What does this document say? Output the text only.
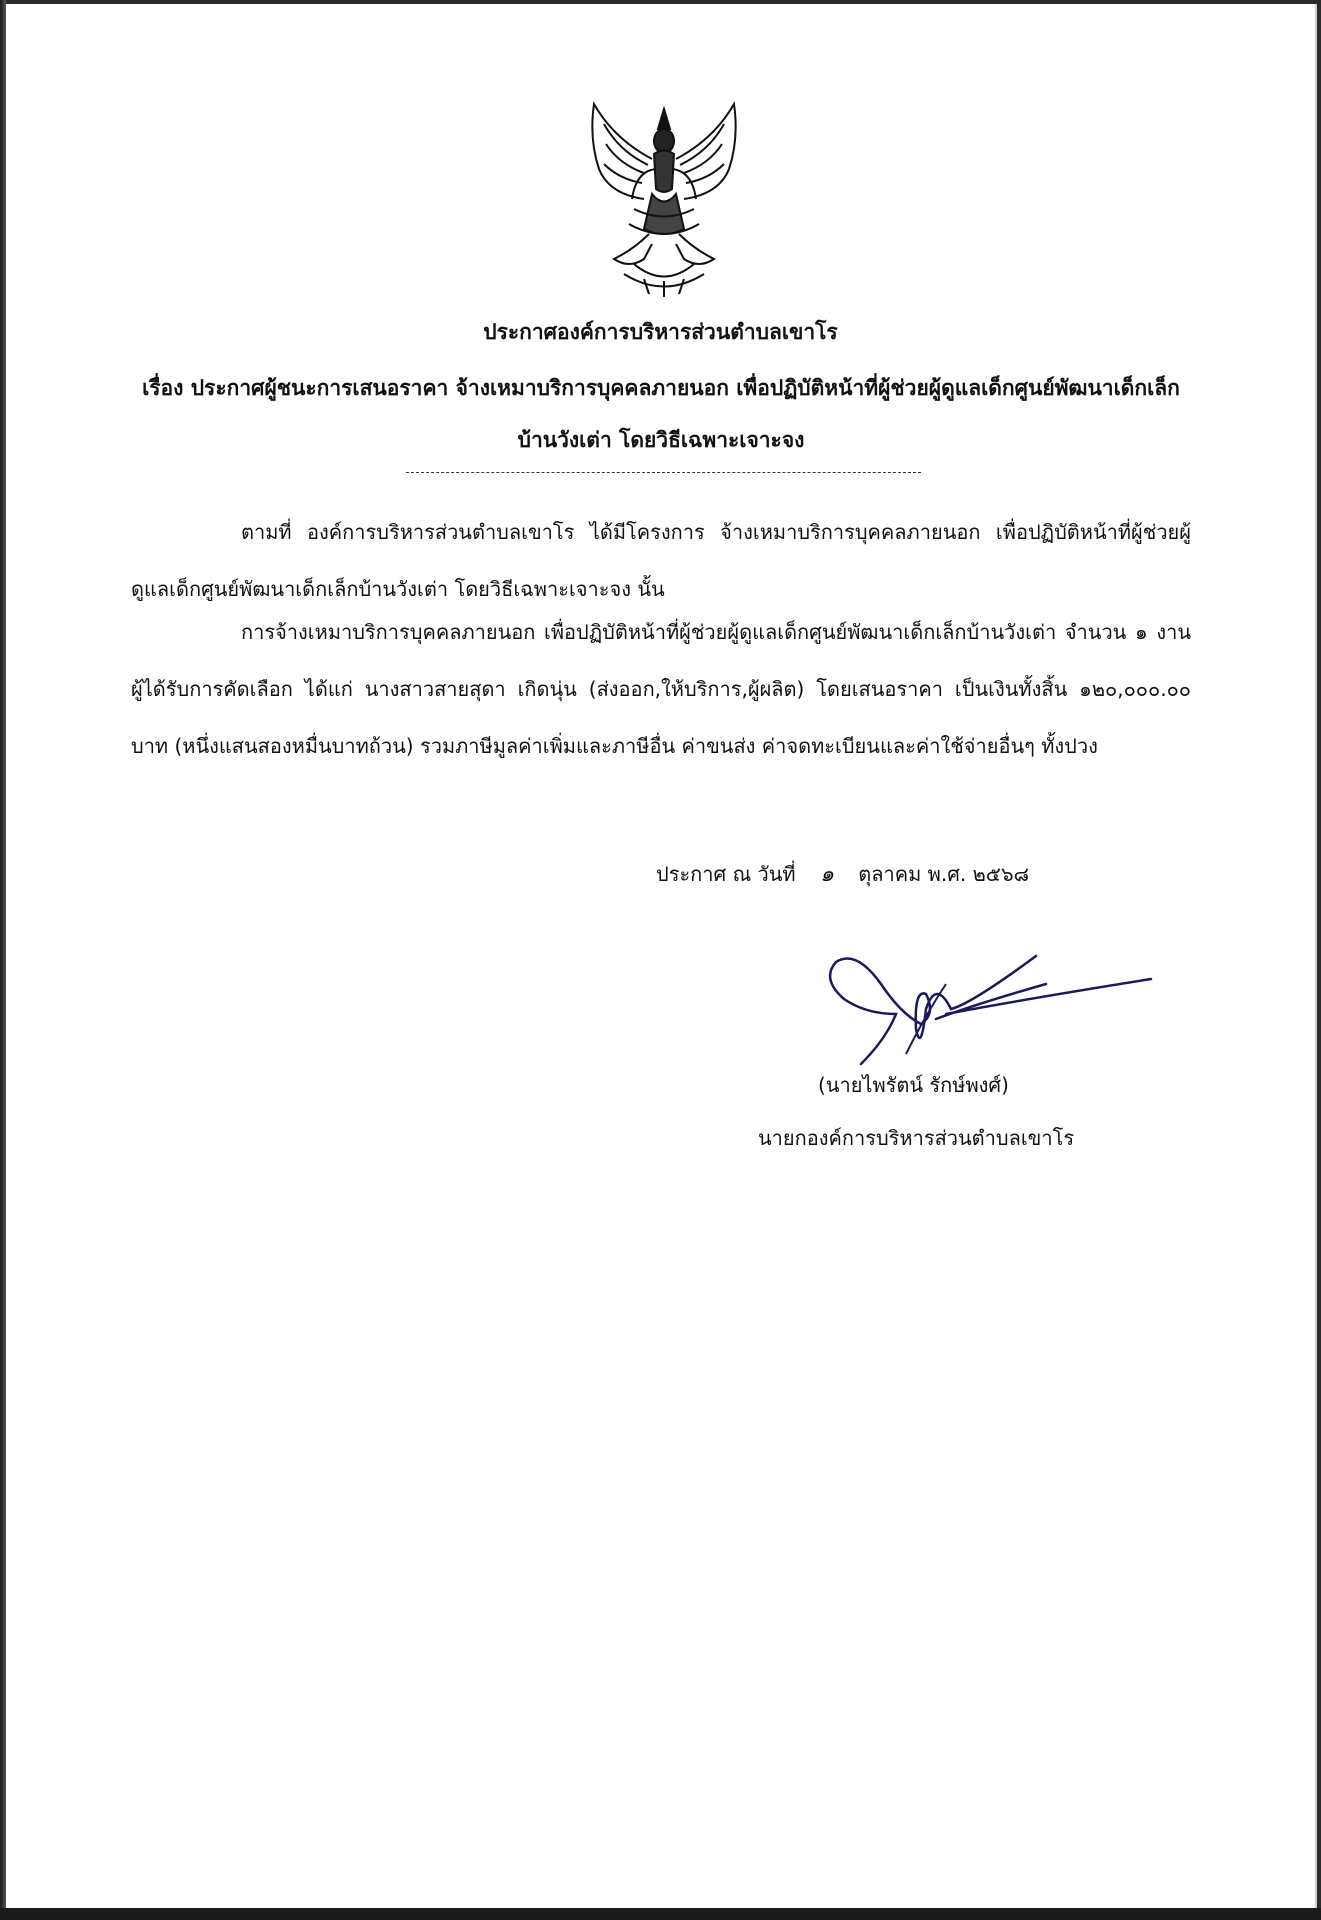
ประกาศองค์การบริหารส่วนตำบลเขาโร
เรื่อง ประกาศผู้ชนะการเสนอราคา จ้างเหมาบริการบุคคลภายนอก เพื่อปฏิบัติหน้าที่ผู้ช่วยผู้ดูแลเด็กศูนย์พัฒนาเด็กเล็กบ้านวังเต่า โดยวิธีเฉพาะเจาะจง
ตามที่ องค์การบริหารส่วนตำบลเขาโร ได้มีโครงการ จ้างเหมาบริการบุคคลภายนอก เพื่อปฏิบัติหน้าที่ผู้ช่วยผู้ดูแลเด็กศูนย์พัฒนาเด็กเล็กบ้านวังเต่า โดยวิธีเฉพาะเจาะจง นั้น
การจ้างเหมาบริการบุคคลภายนอก เพื่อปฏิบัติหน้าที่ผู้ช่วยผู้ดูแลเด็กศูนย์พัฒนาเด็กเล็กบ้านวังเต่า จำนวน ๑ งาน ผู้ได้รับการคัดเลือก ได้แก่ นางสาวสายสุดา เกิดนุ่น (ส่งออก,ให้บริการ,ผู้ผลิต) โดยเสนอราคา เป็นเงินทั้งสิ้น ๑๒๐,๐๐๐.๐๐ บาท (หนึ่งแสนสองหมื่นบาทถ้วน) รวมภาษีมูลค่าเพิ่มและภาษีอื่น ค่าขนส่ง ค่าจดทะเบียนและค่าใช้จ่ายอื่นๆ ทั้งปวง
ประกาศ ณ วันที่ ๑ ตุลาคม พ.ศ. ๒๕๖๘
(นายไพรัตน์ รักษ์พงศ์)
นายกองค์การบริหารส่วนตำบลเขาโร
